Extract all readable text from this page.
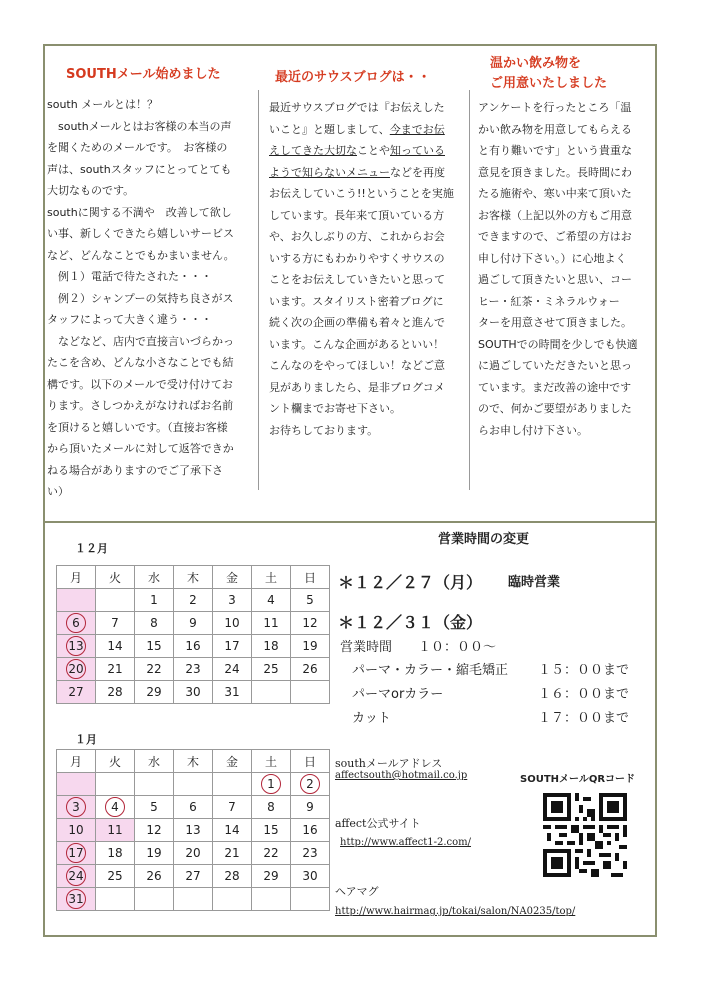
SOUTHメール始めました

south メールとは！？

　southメールとはお客様の本当の声

を聞くためのメールです。　お客様の

声は、southスタッフにとってとても

大切なものです。

southに関する不満や　改善して欲し

い事、新しくできたら嬉しいサービス

など、どんなことでもかまいません。

　例１）電話で待たされた・・・

　例２）シャンプーの気持ち良さがス

タッフによって大きく違う・・・

　などなど、店内で直接言いづらかっ

たこを含め、どんな小さなことでも結

構です。以下のメールで受け付けてお

ります。さしつかえがなければお名前

を頂けると嬉しいです。（直接お客様

から頂いたメールに対して返答できか

ねる場合がありますのでご了承下さ

い）

最近のサウスブログは・・

最近サウスブログでは『お伝えした

いこと』と題しまして、今までお伝

えしてきた大切なことや知っている

ようで知らないメニューなどを再度

お伝えしていこう!!ということを実施

しています。長年来て頂いている方

や、お久しぶりの方、これからお会

いする方にもわかりやすくサウスの

ことをお伝えしていきたいと思って

います。スタイリスト密着ブログに

続く次の企画の準備も着々と進んで

います。こんな企画があるといい！

こんなのをやってほしい！などご意

見がありましたら、是非ブログコメ

ント欄までお寄せ下さい。

お待ちしております。

温かい飲み物を
ご用意いたしました

アンケートを行ったところ「温

かい飲み物を用意してもらえる

と有り難いです」という貴重な

意見を頂きました。長時間にわ

たる施術や、寒い中来て頂いた

お客様（上記以外の方もご用意

できますので、ご希望の方はお

申し付け下さい。）に心地よく

過ごして頂きたいと思い、コー

ヒー・紅茶・ミネラルウォー

ターを用意させて頂きました。

SOUTHでの時間を少しでも快適

に過ごしていただきたいと思っ

ています。まだ改善の途中です

ので、何かご要望がありました

らお申し付け下さい。

１２月
月	火	水	木	金	土	日
		1	2	3	4	5
6	7	8	9	10	11	12
13	14	15	16	17	18	19
20	21	22	23	24	25	26
27	28	29	30	31		
１月
月	火	水	木	金	土	日
					1	2
3	4	5	6	7	8	9
10	11	12	13	14	15	16
17	18	19	20	21	22	23
24	25	26	27	28	29	30
31						
営業時間の変更
＊１２／２７（月） 臨時営業
＊１２／３１（金）
営業時間　　１０：００～
パーマ・カラー・縮毛矯正 １５：００まで
パーマorカラー	１６：００まで
カット	１７：００まで
southメールアドレス
affectsouth@hotmail.co.jp
affect公式サイト
http://www.affect1-2.com/
ヘアマグ
http://www.hairmag.jp/tokai/salon/NA0235/top/
SOUTHメールQRコード
